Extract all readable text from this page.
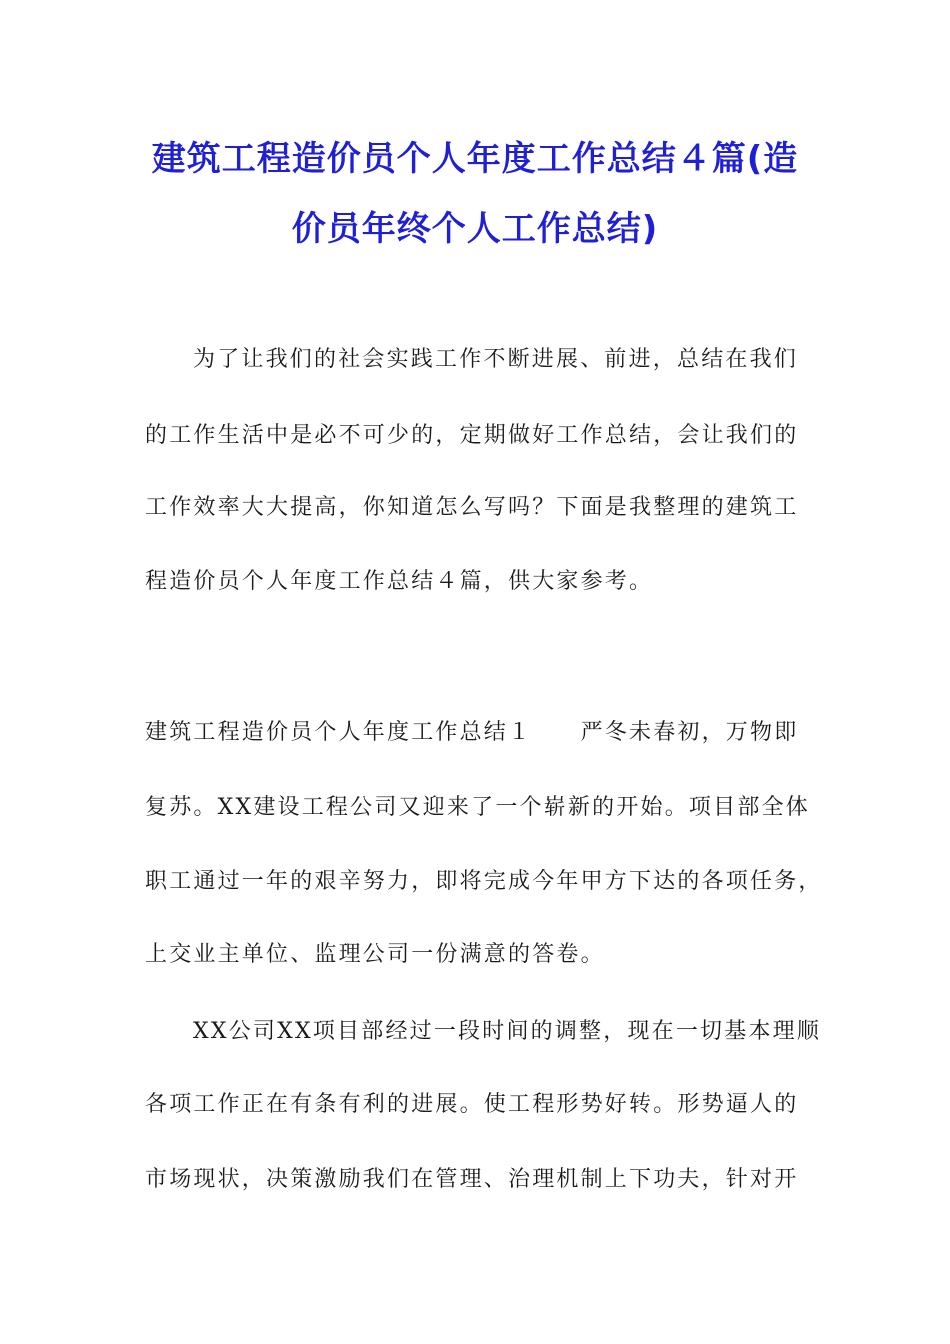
建筑工程造价员个人年度工作总结４篇(造
价员年终个人工作总结)
为了让我们的社会实践工作不断进展、前进，总结在我们
的工作生活中是必不可少的，定期做好工作总结，会让我们的
工作效率大大提高，你知道怎么写吗？下面是我整理的建筑工
程造价员个人年度工作总结４篇，供大家参考。
建筑工程造价员个人年度工作总结１　　严冬未春初，万物即
复苏。XX建设工程公司又迎来了一个崭新的开始。项目部全体
职工通过一年的艰辛努力，即将完成今年甲方下达的各项任务，
上交业主单位、监理公司一份满意的答卷。
XX公司XX项目部经过一段时间的调整，现在一切基本理顺
各项工作正在有条有利的进展。使工程形势好转。形势逼人的
市场现状，决策激励我们在管理、治理机制上下功夫，针对开
